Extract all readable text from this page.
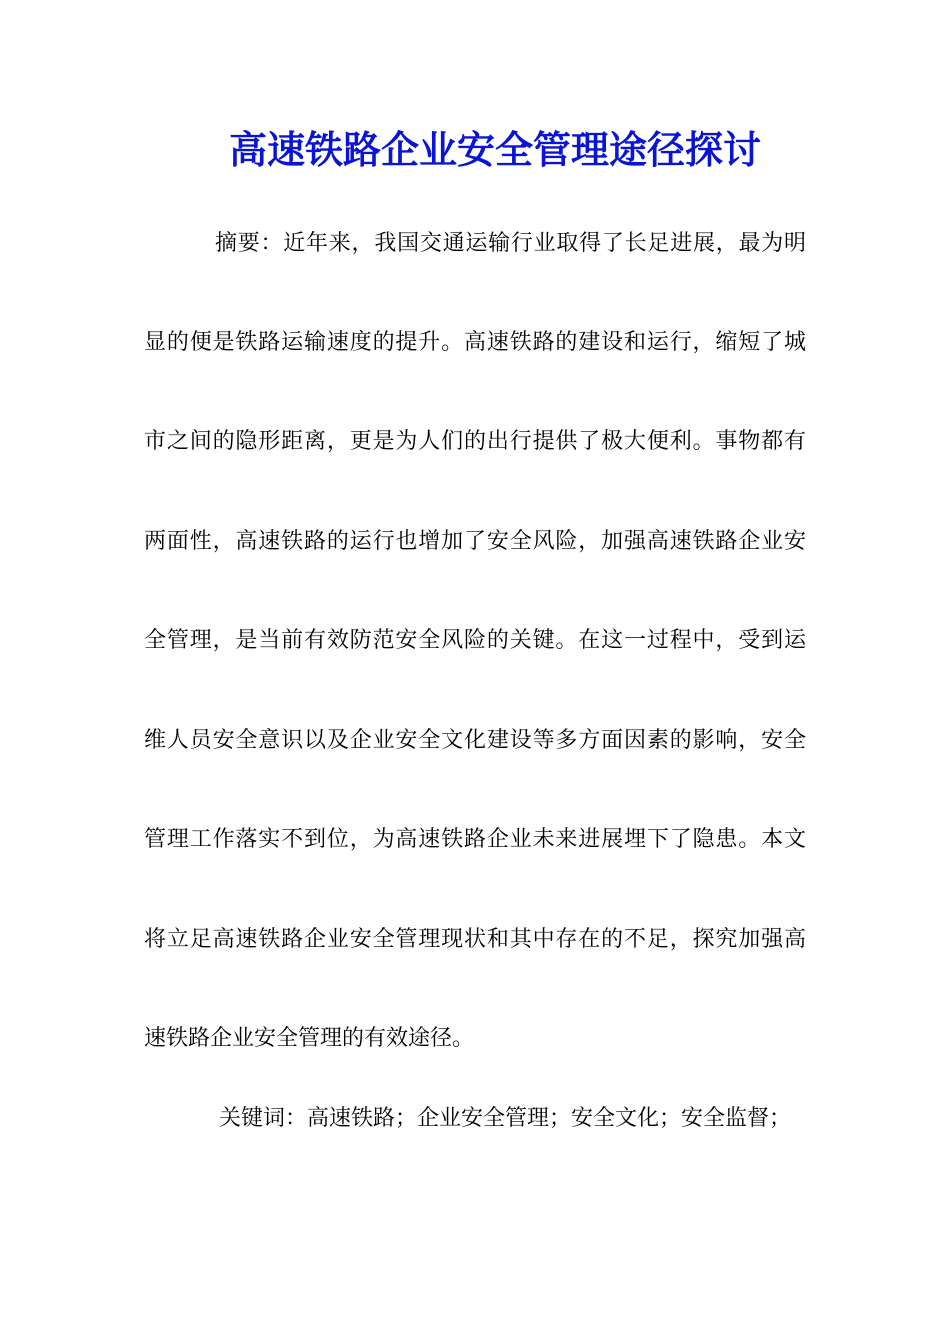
高速铁路企业安全管理途径探讨

摘要：近年来，我国交通运输行业取得了长足进展，最为明

显的便是铁路运输速度的提升。高速铁路的建设和运行，缩短了城

市之间的隐形距离，更是为人们的出行提供了极大便利。事物都有

两面性，高速铁路的运行也增加了安全风险，加强高速铁路企业安

全管理，是当前有效防范安全风险的关键。在这一过程中，受到运

维人员安全意识以及企业安全文化建设等多方面因素的影响，安全

管理工作落实不到位，为高速铁路企业未来进展埋下了隐患。本文

将立足高速铁路企业安全管理现状和其中存在的不足，探究加强高

速铁路企业安全管理的有效途径。

关键词：高速铁路；企业安全管理；安全文化；安全监督；
